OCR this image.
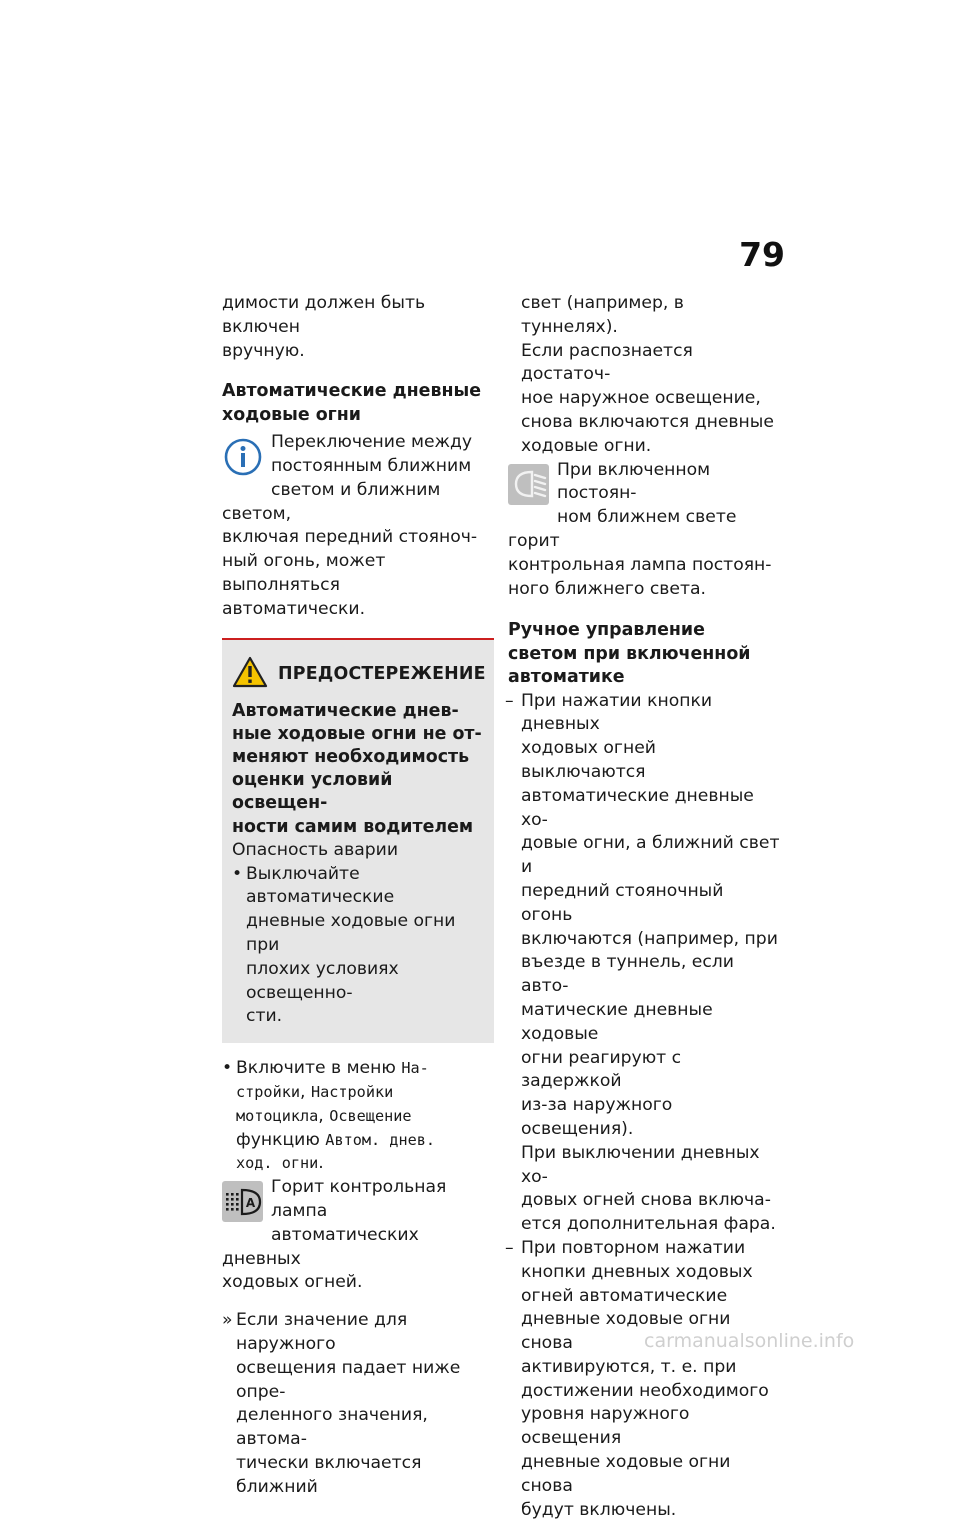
79

димости должен быть включен
вручную.

Автоматические дневные
ходовые огни

Переключение между
постоянным ближним
светом и ближним светом,
включая передний стояноч-
ный огонь, может выполняться
автоматически.
ПРЕДОСТЕРЕЖЕНИЕ

Автоматические днев-
ные ходовые огни не от-
меняют необходимость
оценки условий освещен-
ности самим водителем

Опасность аварии

• Выключайте автоматические
дневные ходовые огни при
плохих условиях освещенно-
сти.
• Включите в меню На-
стройки, Настройки
мотоцикла, Освещение
функцию Автом. днев.
ход. огни.
A
Горит контрольная лампа
автоматических дневных
ходовых огней.
» Если значение для наружного
освещения падает ниже опре-
деленного значения, автома-
тически включается ближний
свет (например, в туннелях).
Если распознается достаточ-
ное наружное освещение,
снова включаются дневные
ходовые огни.
При включенном постоян-
ном ближнем свете горит
контрольная лампа постоян-
ного ближнего света.

Ручное управление
светом при включенной
автоматике

– При нажатии кнопки дневных
ходовых огней выключаются
автоматические дневные хо-
довые огни, а ближний свет и
передний стояночный огонь
включаются (например, при
въезде в туннель, если авто-
матические дневные ходовые
огни реагируют с задержкой
из-за наружного освещения).
При выключении дневных хо-
довых огней снова включа-
ется дополнительная фара.
– При повторном нажатии
кнопки дневных ходовых
огней автоматические
дневные ходовые огни снова
активируются, т. е. при
достижении необходимого
уровня наружного освещения
дневные ходовые огни снова
будут включены.
carmanualsonline.info
